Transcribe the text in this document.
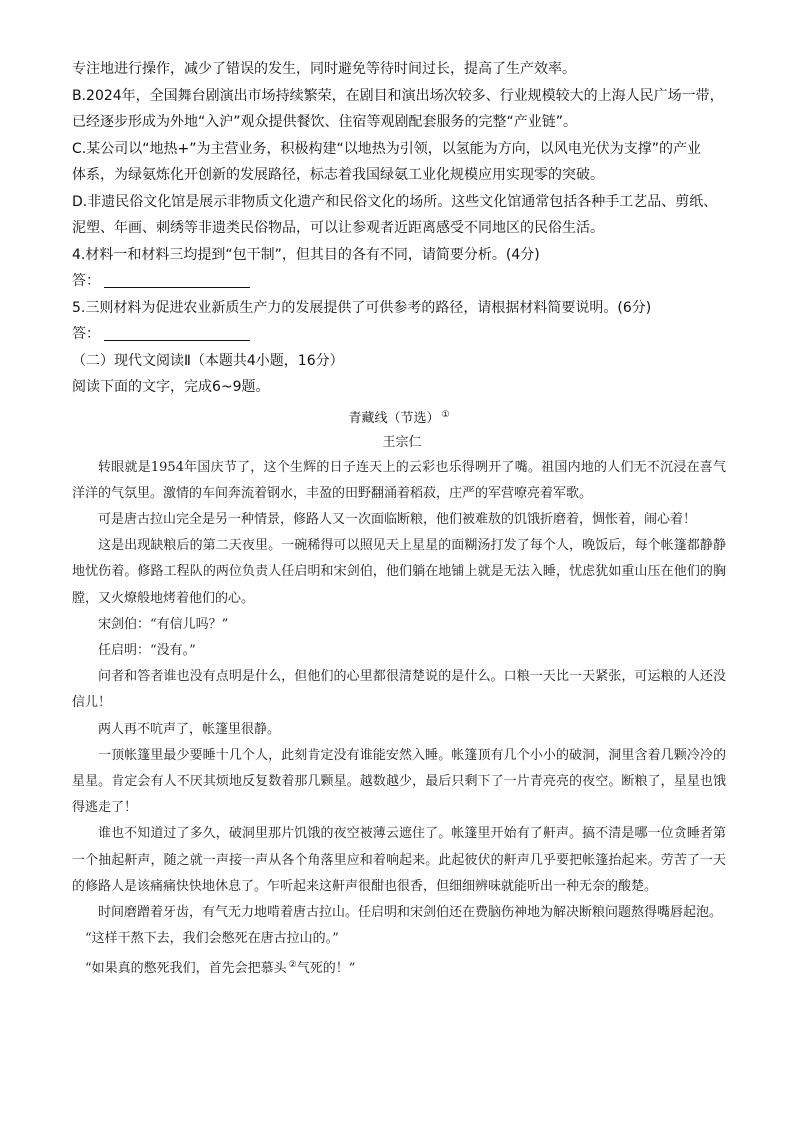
专注地进行操作，减少了错误的发生，同时避免等待时间过长，提高了生产效率。

B.2024年，全国舞台剧演出市场持续繁荣，在剧目和演出场次较多、行业规模较大的上海人民广场一带，

已经逐步形成为外地“入沪”观众提供餐饮、住宿等观剧配套服务的完整“产业链”。

C.某公司以“地热+”为主营业务，积极构建“以地热为引领，以氢能为方向，以风电光伏为支撑”的产业

体系，为绿氨炼化开创新的发展路径，标志着我国绿氨工业化规模应用实现零的突破。

D.非遗民俗文化馆是展示非物质文化遗产和民俗文化的场所。这些文化馆通常包括各种手工艺品、剪纸、

泥塑、年画、刺绣等非遗类民俗物品，可以让参观者近距离感受不同地区的民俗生活。

4.材料一和材料三均提到“包干制”，但其目的各有不同，请简要分析。(4分)

答：

5.三则材料为促进农业新质生产力的发展提供了可供参考的路径，请根据材料简要说明。(6分)

答：

（二）现代文阅读Ⅱ（本题共4小题，16分）

阅读下面的文字，完成6~9题。

青藏线（节选） ①

王宗仁

转眼就是1954年国庆节了，这个生辉的日子连天上的云彩也乐得咧开了嘴。祖国内地的人们无不沉浸在喜气洋洋的气氛里。激情的车间奔流着钢水，丰盈的田野翻涌着稻菽，庄严的军营嘹亮着军歌。

可是唐古拉山完全是另一种情景，修路人又一次面临断粮，他们被难敖的饥饿折磨着，惆怅着，闹心着！

这是出现缺粮后的第二天夜里。一碗稀得可以照见天上星星的面糊汤打发了每个人，晚饭后，每个帐篷都静静地忧伤着。修路工程队的两位负责人任启明和宋剑伯，他们躺在地铺上就是无法入睡，忧虑犹如重山压在他们的胸膛，又火燎般地烤着他们的心。

宋剑伯：“有信儿吗？”

任启明：“没有。”

问者和答者谁也没有点明是什么，但他们的心里都很清楚说的是什么。口粮一天比一天紧张，可运粮的人还没信儿！

两人再不吭声了，帐篷里很静。

一顶帐篷里最少要睡十几个人，此刻肯定没有谁能安然入睡。帐篷顶有几个小小的破洞，洞里含着几颗冷冷的星星。肯定会有人不厌其烦地反复数着那几颗星。越数越少，最后只剩下了一片青亮亮的夜空。断粮了，星星也饿得逃走了！

谁也不知道过了多久，破洞里那片饥饿的夜空被薄云遮住了。帐篷里开始有了鼾声。搞不清是哪一位贪睡者第一个抽起鼾声，随之就一声接一声从各个角落里应和着响起来。此起彼伏的鼾声几乎要把帐篷抬起来。劳苦了一天的修路人是该痛痛快快地休息了。乍听起来这鼾声很酣也很香，但细细辨味就能听出一种无奈的酸楚。

时间磨蹭着牙齿，有气无力地啃着唐古拉山。任启明和宋剑伯还在费脑伤神地为解决断粮问题熬得嘴唇起泡。

“这样干熬下去，我们会憋死在唐古拉山的。”

“如果真的憋死我们，首先会把慕头 ②气死的！”
